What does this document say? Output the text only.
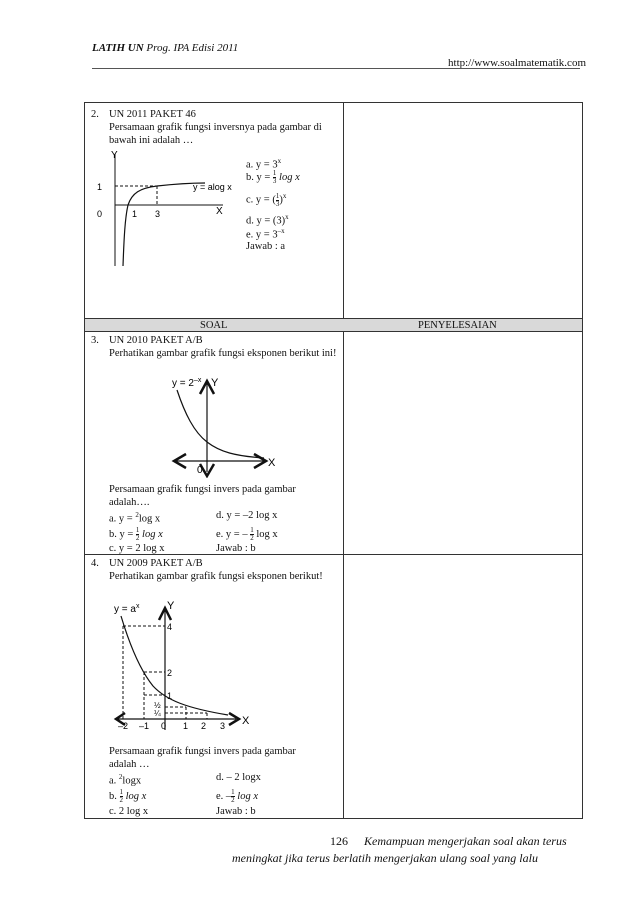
LATIH UN Prog. IPA Edisi 2011
http://www.soalmatematik.com
SOAL	PENYELESAIAN
2. UN 2011 PAKET 46
Persamaan grafik fungsi inversnya pada gambar di bawah ini adalah …
Y
X
1
0	1 3
y = alog x
a. $y = 3^x$
b. $y = \frac{1}{3}$ log x
c. y = ( $\frac{1}{3} )^x$
d. $y = (3)^x$
e. $y = 3^{-x}$
Jawab : a
3. UN 2010 PAKET A/B
Perhatikan gambar grafik fungsi eksponen berikut ini!
$y = 2^{-x}$ Y
X
0
Persamaan grafik fungsi invers pada gambar adalah….
a. y = $^2$log x	d. y = –2 log x
b. $y = \frac{1}{2}$ log x	e. y = – $\frac{1}{2}$ log x
c. y = 2 log x	Jawab : b
4. UN 2009 PAKET A/B
Perhatikan gambar grafik fungsi eksponen berikut!
$y = a^x$	Y
X
4
2
1
½
¼
–2 –1 0 1 2 3
Persamaan grafik fungsi invers pada gambar adalah …
a. $^2$logx	d. – 2 logx
b. $\frac{1}{2}$ log x	e. – $\frac{1}{2}$ log x
c. 2 log x	Jawab : b
126 Kemampuan mengerjakan soal akan terus
meningkat jika terus berlatih mengerjakan ulang soal yang lalu
